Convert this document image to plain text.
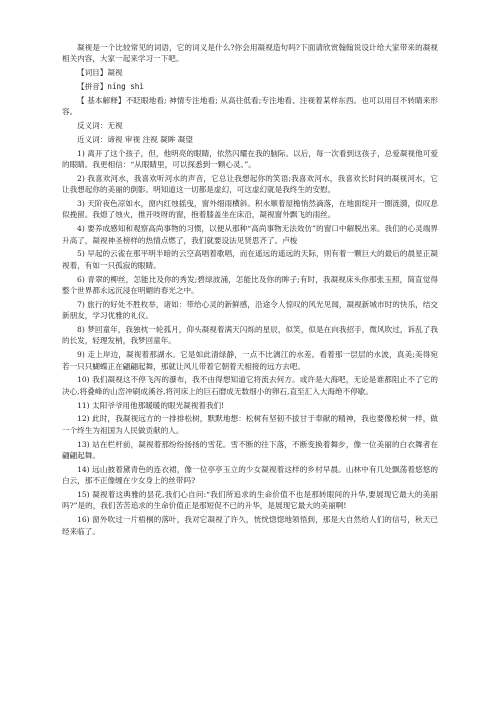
凝视是一个比较常见的词语，它的词义是什么?你会用凝视造句吗?下面请欣赏翰翰说设计给大家带来的凝视相关内容，大家一起来学习一下吧。

【词目】凝视

【拼音】níng shì

【 基本解释】不眨眼地看; 神情专注地看; 从高往低看;专注地看、注视着某样东西。也可以用目不转睛来形容。

反义词：无视

近义词：谛视 审视 注视 凝眸 凝望

1) 离开了这个孩子，但，他明亮的眼睛，依然闪耀在我的脑际。以后，每一次看到这孩子，总爱凝视他可爱的眼睛。我更相信：“从眼睛里，可以探悉到一颗心灵。”。

2) 我喜欢河水，我喜欢听河水的声音，它总让我想起你的笑语;我喜欢河水，我喜欢长时间的凝视河水，它让我想起你的美丽的倒影。明知道这一切都是虚幻，可这虚幻就是我终生的安慰。

3) 天阶夜色凉如水，窗内红烛摇曳，窗外细雨横斜。积水顺着屋檐悄然滴落，在地面绽开一圈涟漪，似叹息似挽留。我熄了烛火，推开吱呀的窗，抱着膝盖坐在床沿，凝视窗外飘飞的雨丝。

4) 要养成感知和观察高尚事物的习惯，以便从那种“高尚事物无法效仿”的窗口中解脱出来。我们的心灵端界升高了，凝视神圣榜样的热情点燃了，我们就要设法见贤思齐了。卢梭

5) 早起的云雀在那平明半暗的云空高唱着歌唱，而在遥远的遥远的天际，则有着一颗巨大的最后的晨星正凝视着，有如一只孤寂的眼睛。

6) 青翠的柳丝，怎能比及你的秀发;碧绿波涌，怎能比及你的眸子;有时，我凝视床头你那张玉照，简直觉得整个世界都永远沉浸在明媚的春光之中。

7) 旅行的好处不胜枚举，诸如：带给心灵的新鲜感，沿途令人惊叹的风光见闻，凝视新城市时的快乐，结交新朋友，学习优雅的礼仪。

8) 梦回童年，我独枕一轮孤月，仰头凝视着满天闪烁的星辰，似笑，似是在向我招手，微风吹过，诉乱了我的长发，轻理发梢，我梦回童年。

9) 走上岸边，凝视着那湖水。它是如此清绿静，一点不比漓江的水差。看着那一层层的水波，真美;美得宛若一只只蝴蝶正在翩翩起舞，那就让风儿带着它朝着天相接的远方去吧。

10) 我们凝视这不停飞泻的瀑布，我不由得想知道它将流去何方。或许是大海吧，无论是谁都阻止不了它的决心,将叠峰的山峦冲刷成溪谷,将河床上的巨石磨成无数细小的卵石,直至汇入大海绝不停歇。

11) 太阳爷爷用他那暖暖的眼光凝视着我们!

12) 此时，我凝视远方的一排排松树，默默地想：松树有坚韧不拔甘于奉献的精神，我也要像松树一样，做一个终生为祖国为人民做贡献的人。

13) 站在栏杆前，凝视着那纷纷扬扬的雪花。雪不断的往下落，不断变换着舞步，像一位美丽的白衣舞者在翩翩起舞。

14) 远山披着黛青色的连衣裙，像一位亭亭玉立的少女凝视着这样的乡村早晨。山林中有几处飘荡着悠悠的白云，那不正像缠在少女身上的丝带吗?

15) 凝视着这典雅的昙花,我们心自问:“我们所追求的生命价值不也是那转眼间的升华,要展现它最大的美丽吗?”是的，我们苦苦追求的生命价值正是那短促不已的升华，是展现它最大的美丽啊!

16) 窗外吹过一片梧桐的落叶，我对它凝视了许久，恍恍惚惚地领悟到，那是大自然给人们的信号，秋天已经来临了。
